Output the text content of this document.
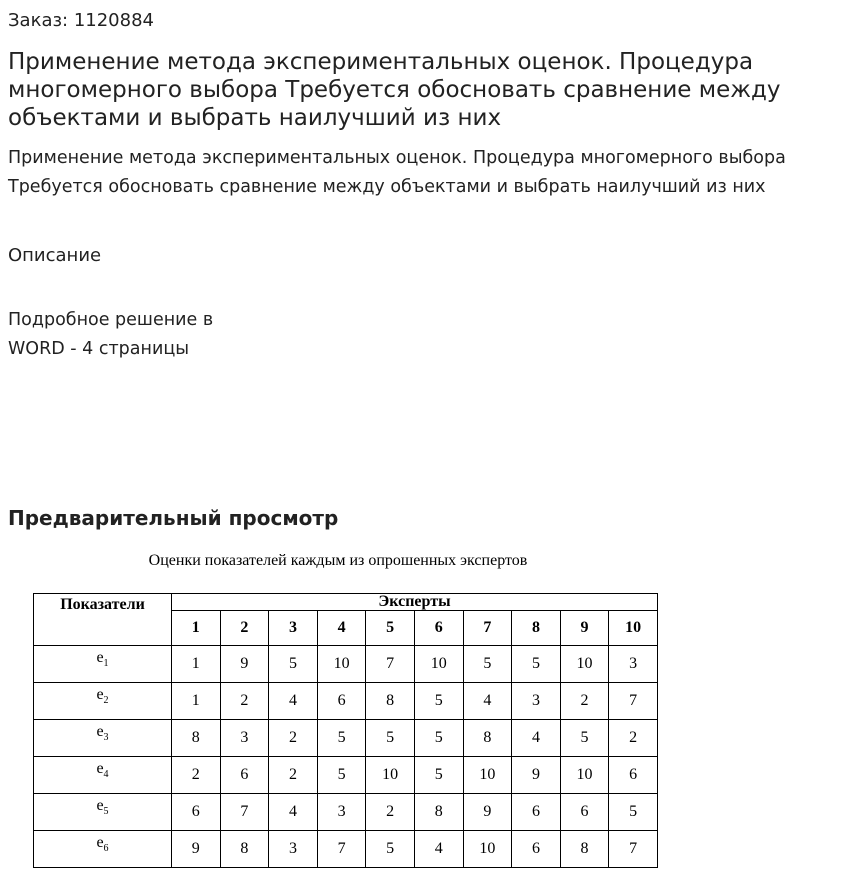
Заказ: 1120884
Применение метода экспериментальных оценок. Процедура многомерного выбора Требуется обосновать сравнение между объектами и выбрать наилучший из них

Применение метода экспериментальных оценок. Процедура многомерного выбора Требуется обосновать сравнение между объектами и выбрать наилучший из них

Описание

Подробное решение в WORD - 4 страницы

Предварительный просмотр
Оценки показателей каждым из опрошенных экспертов
Показатели	Эксперты									
	1	2	3	4	5	6	7	8	9	10
$e_1$	1	9	5	10	7	10	5	5	10	3
$e_2$	1	2	4	6	8	5	4	3	2	7
$e_3$	8	3	2	5	5	5	8	4	5	2
$e_4$	2	6	2	5	10	5	10	9	10	6
$e_5$	6	7	4	3	2	8	9	6	6	5
$e_6$	9	8	3	7	5	4	10	6	8	7
